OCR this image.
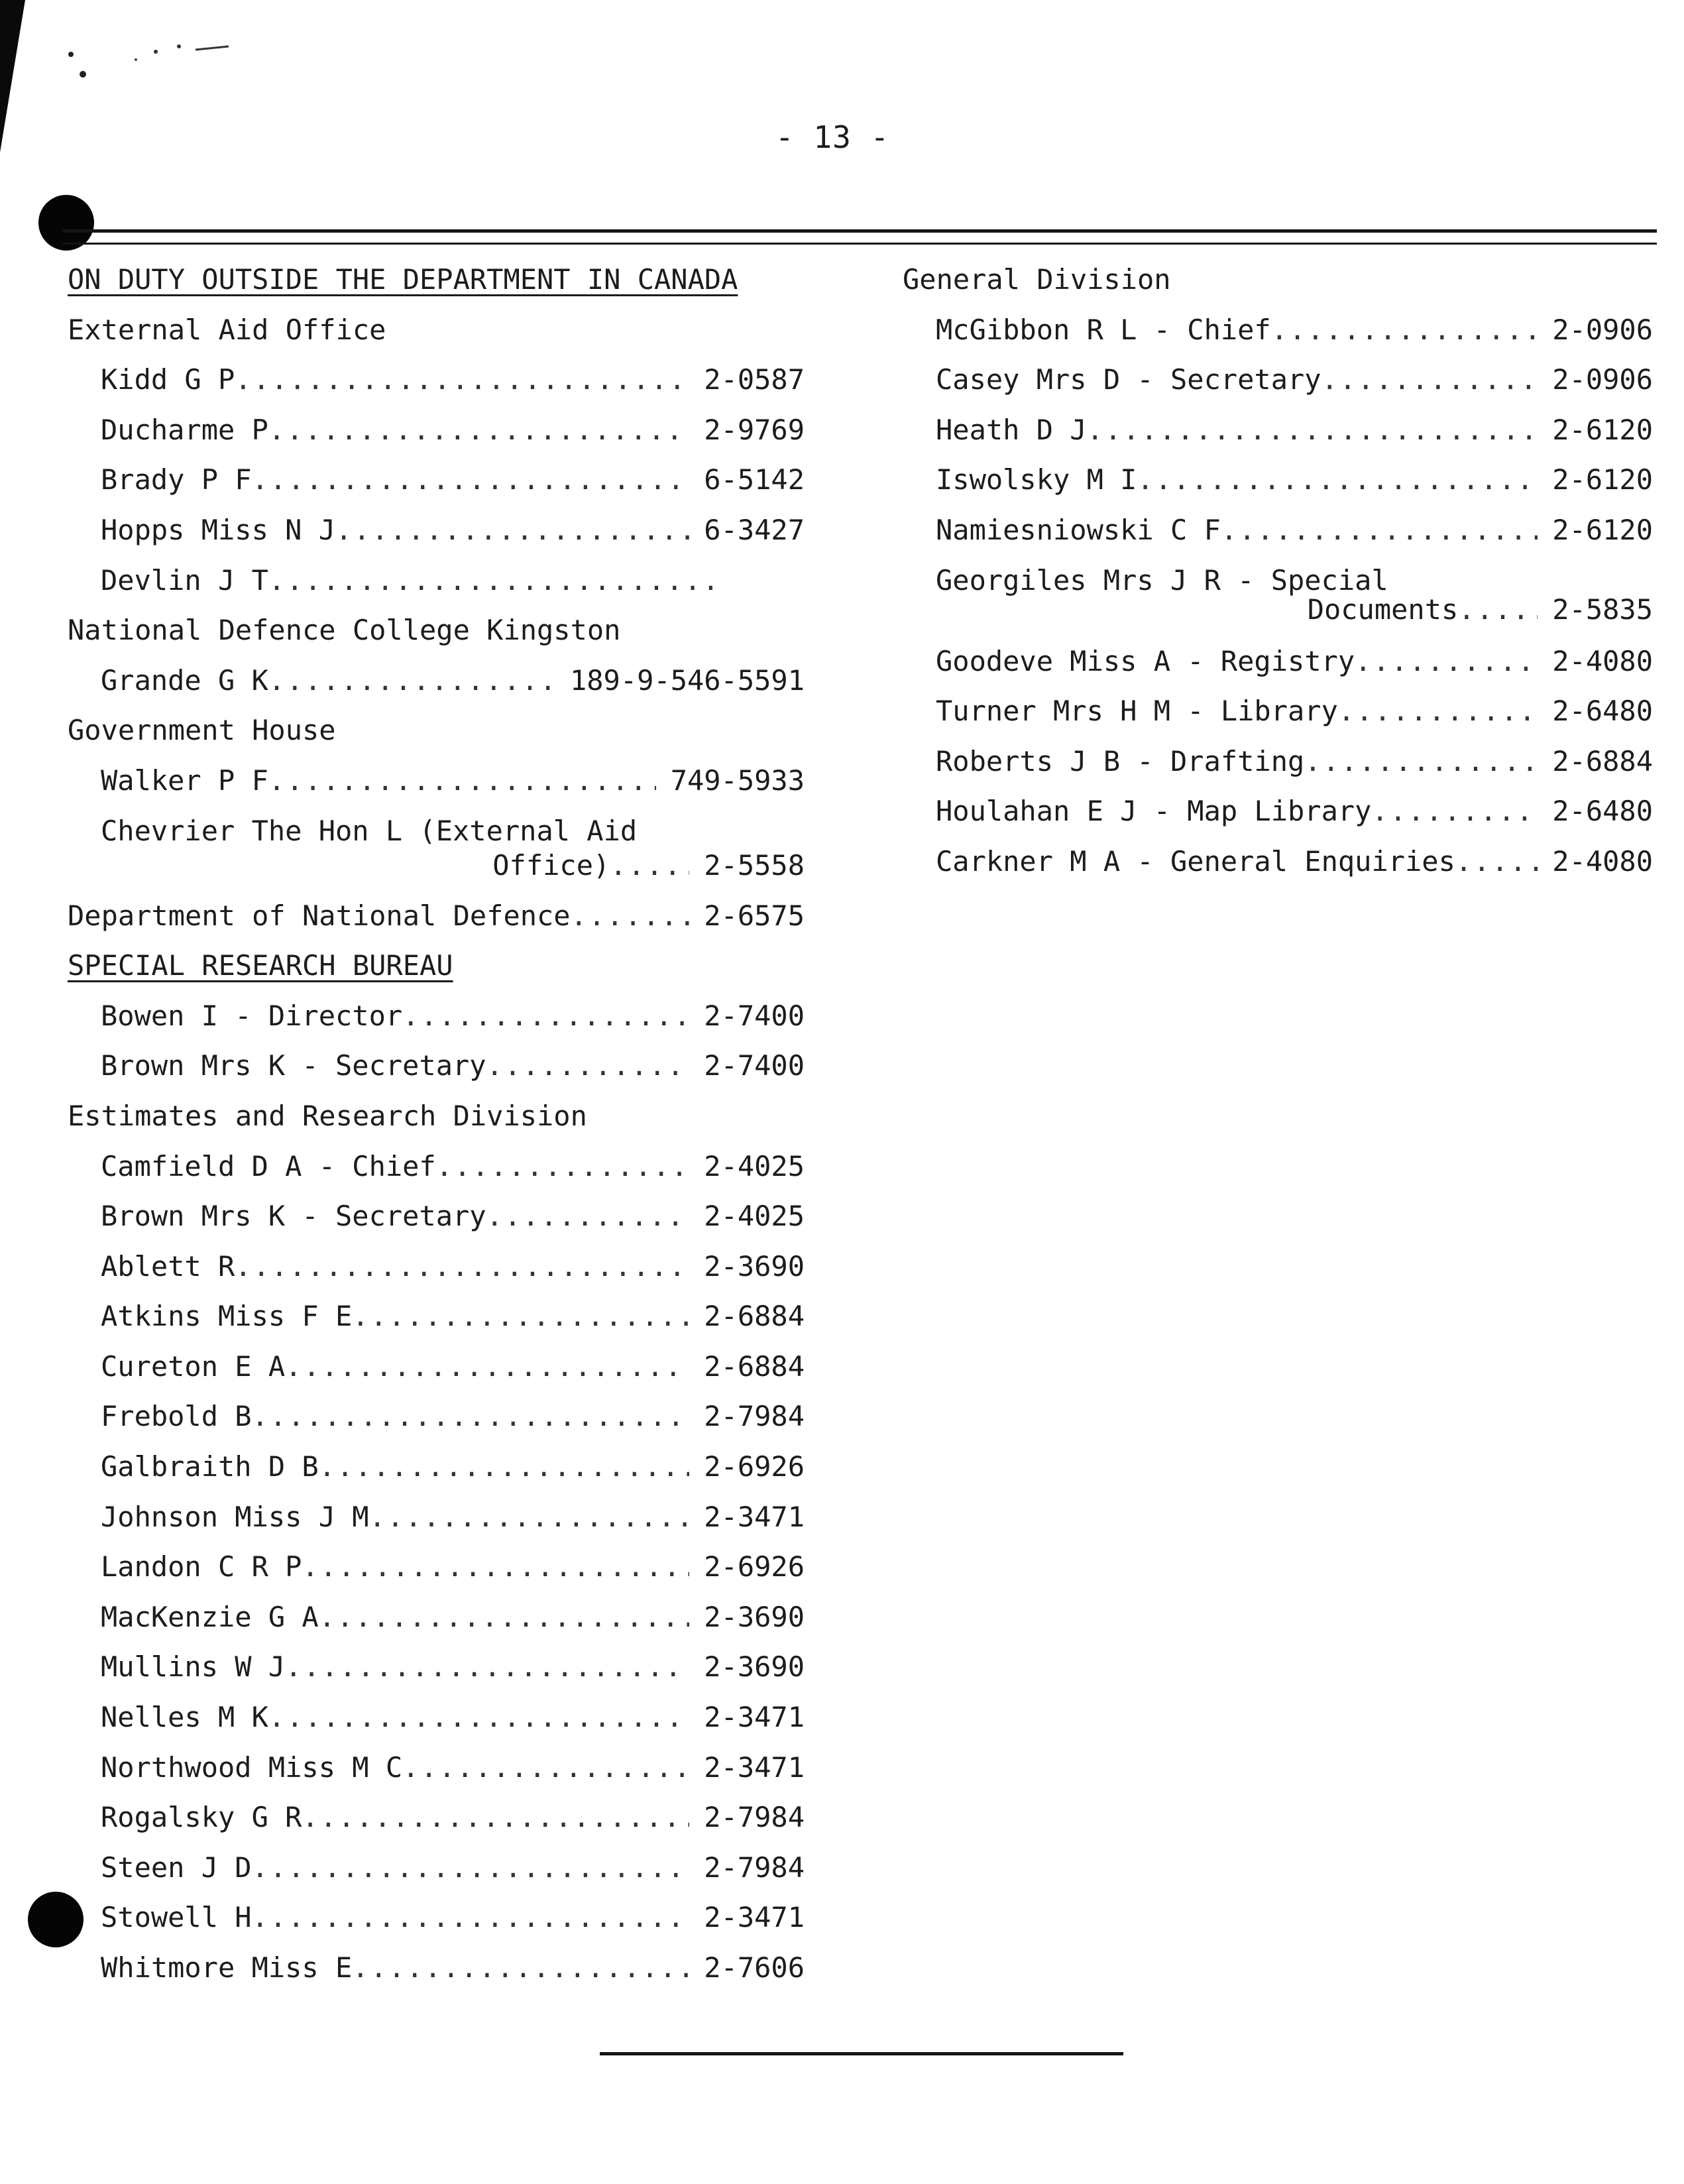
- 13 -
ON DUTY OUTSIDE THE DEPARTMENT IN CANADA
External Aid Office
Kidd G P .....	2-0587
Ducharme P .....	2-9769
Brady P F .....	6-5142
Hopps Miss N J .....	6-3427
Devlin J T .........................
National Defence College Kingston
Grande G K .....	189-9-546-5591
Government House
Walker P F .....	749-5933
Chevrier The Hon L (External Aid
Office) ......	2-5558
Department of National Defence .....	2-6575
SPECIAL RESEARCH BUREAU
Bowen I - Director .....	2-7400
Brown Mrs K - Secretary .....	2-7400
Estimates and Research Division
Camfield D A - Chief .....	2-4025
Brown Mrs K - Secretary .....	2-4025
Ablett R .....	2-3690
Atkins Miss F E .....	2-6884
Cureton E A .....	2-6884
Frebold B .....	2-7984
Galbraith D B .....	2-6926
Johnson Miss J M .....	2-3471
Landon C R P .....	2-6926
MacKenzie G A .....	2-3690
Mullins W J .....	2-3690
Nelles M K .....	2-3471
Northwood Miss M C .....	2-3471
Rogalsky G R .....	2-7984
Steen J D .....	2-7984
Stowell H .....	2-3471
Whitmore Miss E .....	2-7606
General Division
McGibbon R L - Chief .....	2-0906
Casey Mrs D - Secretary .....	2-0906
Heath D J .....	2-6120
Iswolsky M I .....	2-6120
Namiesniowski C F .....	2-6120
Georgiles Mrs J R - Special
Documents ......	2-5835
Goodeve Miss A - Registry .....	2-4080
Turner Mrs H M - Library .....	2-6480
Roberts J B - Drafting .....	2-6884
Houlahan E J - Map Library .....	2-6480
Carkner M A - General Enquiries .....	2-4080
